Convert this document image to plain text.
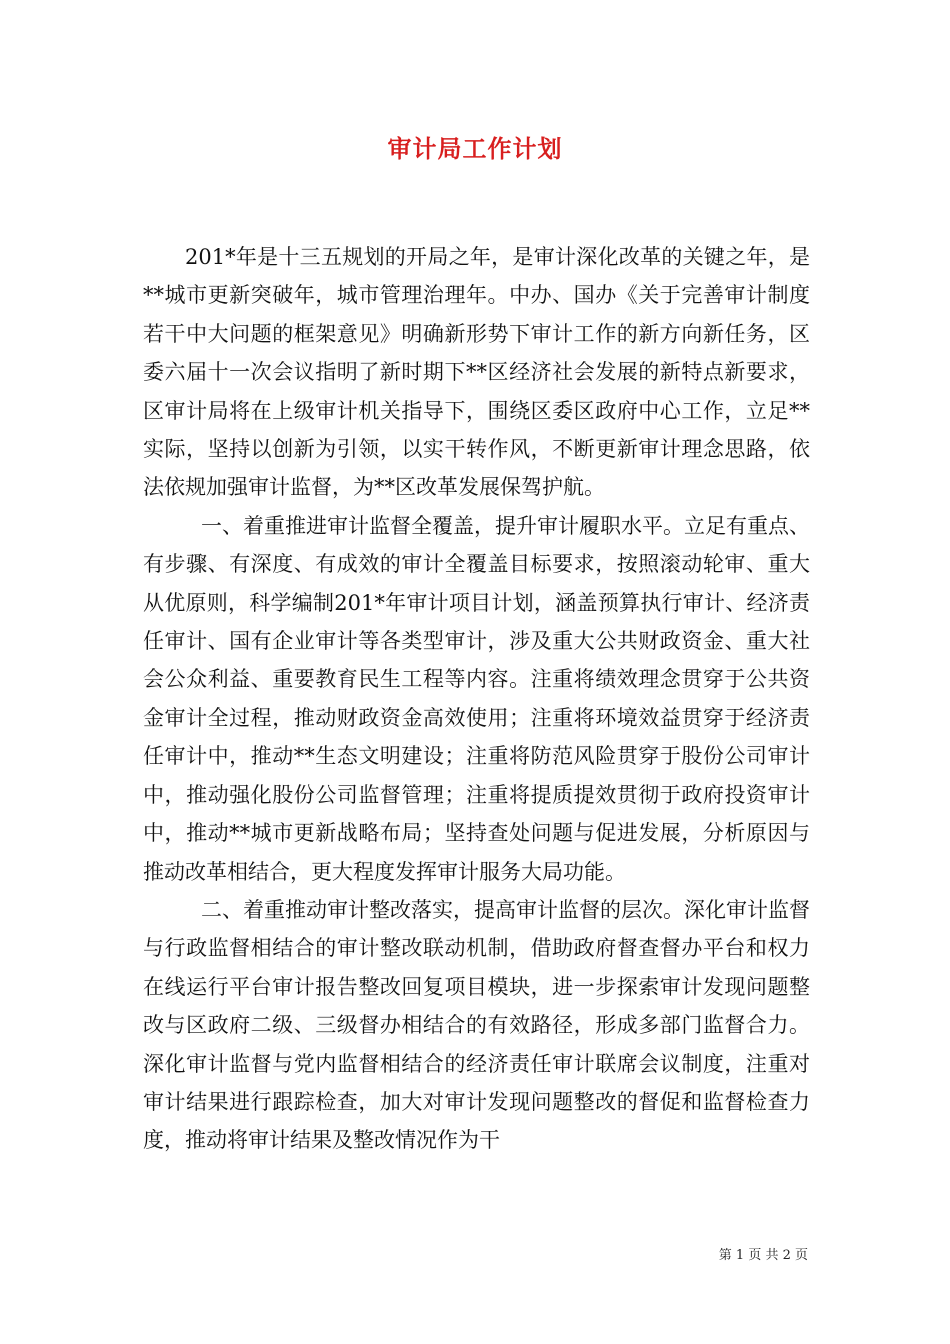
审计局工作计划

201*年是十三五规划的开局之年，是审计深化改革的关键之年，是**城市更新突破年，城市管理治理年。中办、国办《关于完善审计制度若干中大问题的框架意见》明确新形势下审计工作的新方向新任务，区委六届十一次会议指明了新时期下**区经济社会发展的新特点新要求，区审计局将在上级审计机关指导下，围绕区委区政府中心工作，立足**实际，坚持以创新为引领，以实干转作风，不断更新审计理念思路，依法依规加强审计监督，为**区改革发展保驾护航。

一、着重推进审计监督全覆盖，提升审计履职水平。立足有重点、有步骤、有深度、有成效的审计全覆盖目标要求，按照滚动轮审、重大从优原则，科学编制201*年审计项目计划，涵盖预算执行审计、经济责任审计、国有企业审计等各类型审计，涉及重大公共财政资金、重大社会公众利益、重要教育民生工程等内容。注重将绩效理念贯穿于公共资金审计全过程，推动财政资金高效使用；注重将环境效益贯穿于经济责任审计中，推动**生态文明建设；注重将防范风险贯穿于股份公司审计中，推动强化股份公司监督管理；注重将提质提效贯彻于政府投资审计中，推动**城市更新战略布局；坚持查处问题与促进发展，分析原因与推动改革相结合，更大程度发挥审计服务大局功能。

二、着重推动审计整改落实，提高审计监督的层次。深化审计监督与行政监督相结合的审计整改联动机制，借助政府督查督办平台和权力在线运行平台审计报告整改回复项目模块，进一步探索审计发现问题整改与区政府二级、三级督办相结合的有效路径，形成多部门监督合力。深化审计监督与党内监督相结合的经济责任审计联席会议制度，注重对审计结果进行跟踪检查，加大对审计发现问题整改的督促和监督检查力度，推动将审计结果及整改情况作为干

第 1 页 共 2 页
